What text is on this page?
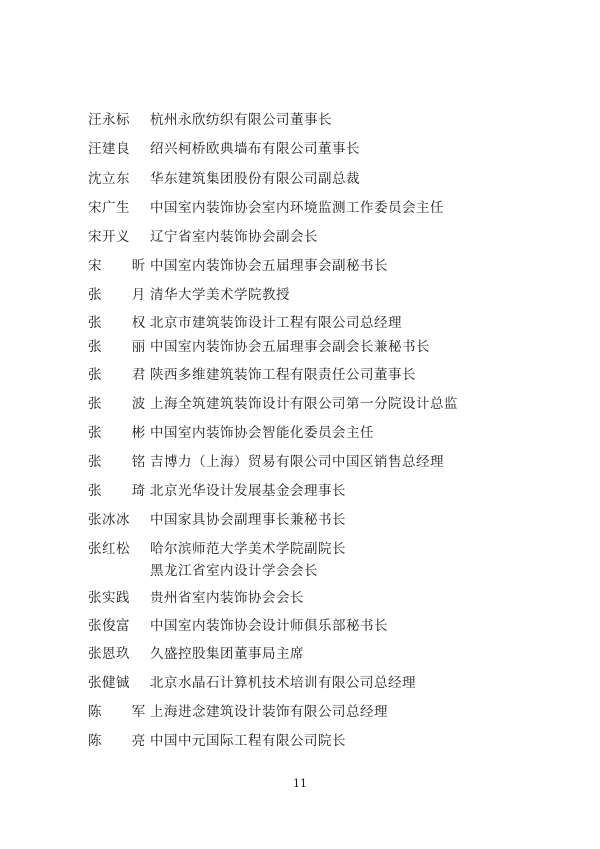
汪永标 杭州永欣纺织有限公司董事长
汪建良 绍兴柯桥欧典墙布有限公司董事长
沈立东 华东建筑集团股份有限公司副总裁
宋广生 中国室内装饰协会室内环境监测工作委员会主任
宋开义 辽宁省室内装饰协会副会长
宋 昕
中国室内装饰协会五届理事会副秘书长
张 月
清华大学美术学院教授
张 权
北京市建筑装饰设计工程有限公司总经理
张 丽
中国室内装饰协会五届理事会副会长兼秘书长
张 君
陕西多维建筑装饰工程有限责任公司董事长
张 波
上海全筑建筑装饰设计有限公司第一分院设计总监
张 彬
中国室内装饰协会智能化委员会主任
张 铭
吉博力（上海）贸易有限公司中国区销售总经理
张 琦
北京光华设计发展基金会理事长
张冰冰 中国家具协会副理事长兼秘书长
张红松 哈尔滨师范大学美术学院副院长
黑龙江省室内设计学会会长
张实践 贵州省室内装饰协会会长
张俊富 中国室内装饰协会设计师俱乐部秘书长
张恩玖 久盛控股集团董事局主席
张健铖 北京水晶石计算机技术培训有限公司总经理
陈 军
上海进念建筑设计装饰有限公司总经理
陈 亮
中国中元国际工程有限公司院长
11
